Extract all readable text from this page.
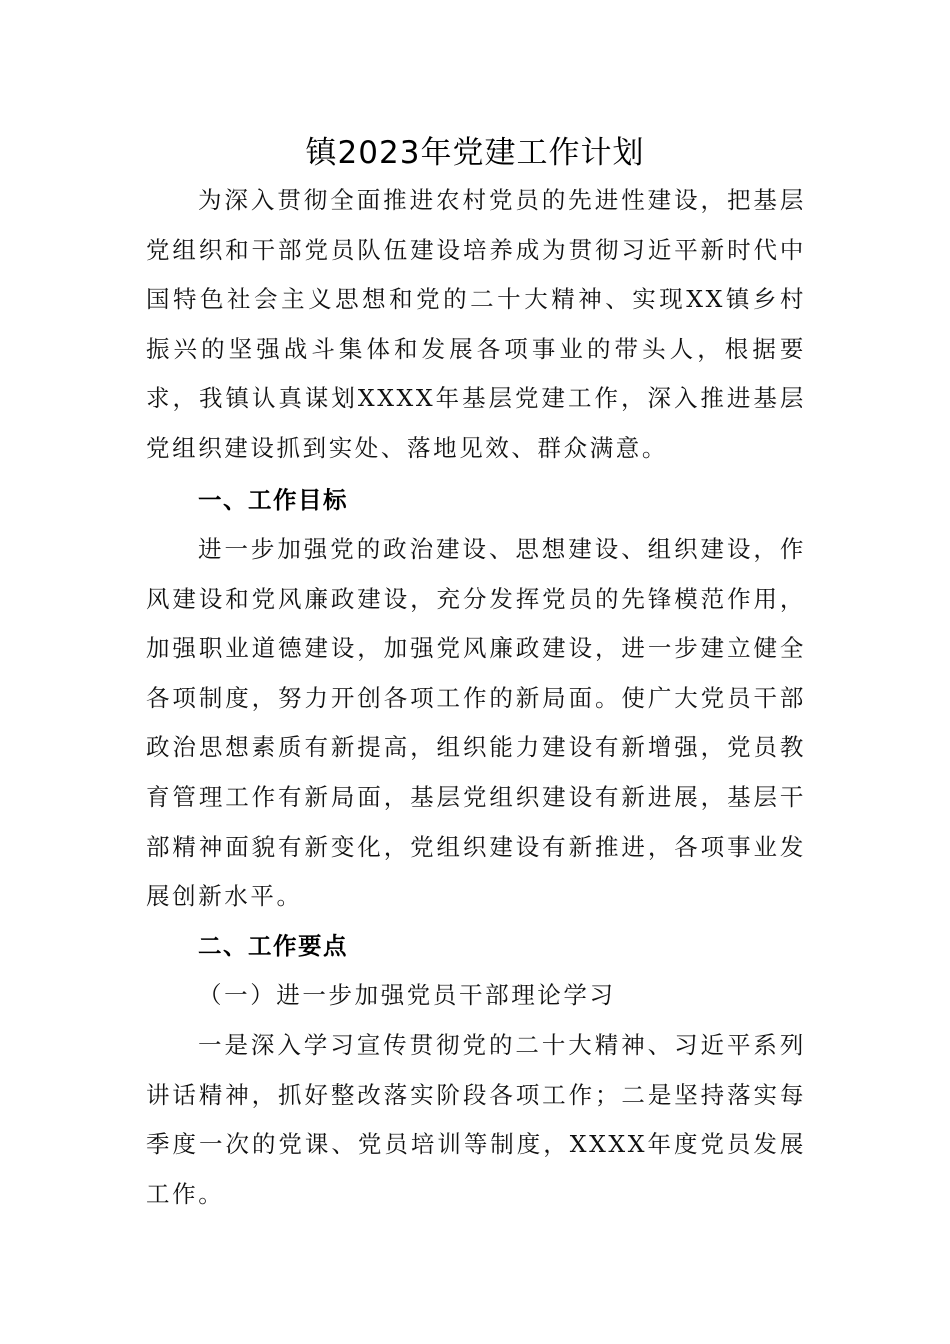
镇2023年党建工作计划

为深入贯彻全面推进农村党员的先进性建设，把基层党组织和干部党员队伍建设培养成为贯彻习近平新时代中国特色社会主义思想和党的二十大精神、实现XX镇乡村振兴的坚强战斗集体和发展各项事业的带头人，根据要求，我镇认真谋划XXXX年基层党建工作，深入推进基层党组织建设抓到实处、落地见效、群众满意。

一、工作目标

进一步加强党的政治建设、思想建设、组织建设，作风建设和党风廉政建设，充分发挥党员的先锋模范作用，加强职业道德建设，加强党风廉政建设，进一步建立健全各项制度，努力开创各项工作的新局面。使广大党员干部政治思想素质有新提高，组织能力建设有新增强，党员教育管理工作有新局面，基层党组织建设有新进展，基层干部精神面貌有新变化，党组织建设有新推进，各项事业发展创新水平。

二、工作要点

（一）进一步加强党员干部理论学习

一是深入学习宣传贯彻党的二十大精神、习近平系列讲话精神，抓好整改落实阶段各项工作；二是坚持落实每季度一次的党课、党员培训等制度，XXXX年度党员发展工作。
